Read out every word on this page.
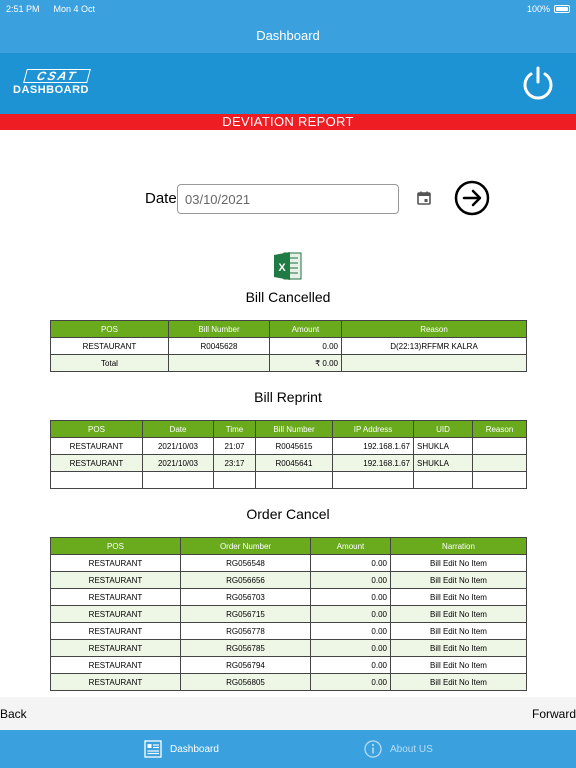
2:51 PM Mon 4 Oct	100%
Dashboard
CSAT
DASHBOARD
DEVIATION REPORT
Date
03/10/2021
X
Bill Cancelled
POS	Bill Number	Amount	Reason
RESTAURANT	R0045628	0.00	D(22:13)RFFMR KALRA
Total		₹ 0.00	
Bill Reprint
POS	Date	Time	Bill Number	IP Address	UID	Reason
RESTAURANT	2021/10/03	21:07	R0045615	192.168.1.67	SHUKLA	
RESTAURANT	2021/10/03	23:17	R0045641	192.168.1.67	SHUKLA	

Order Cancel
POS	Order Number	Amount	Narration
RESTAURANT	RG056548	0.00	Bill Edit No Item
RESTAURANT	RG056656	0.00	Bill Edit No Item
RESTAURANT	RG056703	0.00	Bill Edit No Item
RESTAURANT	RG056715	0.00	Bill Edit No Item
RESTAURANT	RG056778	0.00	Bill Edit No Item
RESTAURANT	RG056785	0.00	Bill Edit No Item
RESTAURANT	RG056794	0.00	Bill Edit No Item
RESTAURANT	RG056805	0.00	Bill Edit No Item
Back	Forward
Dashboard	About US
